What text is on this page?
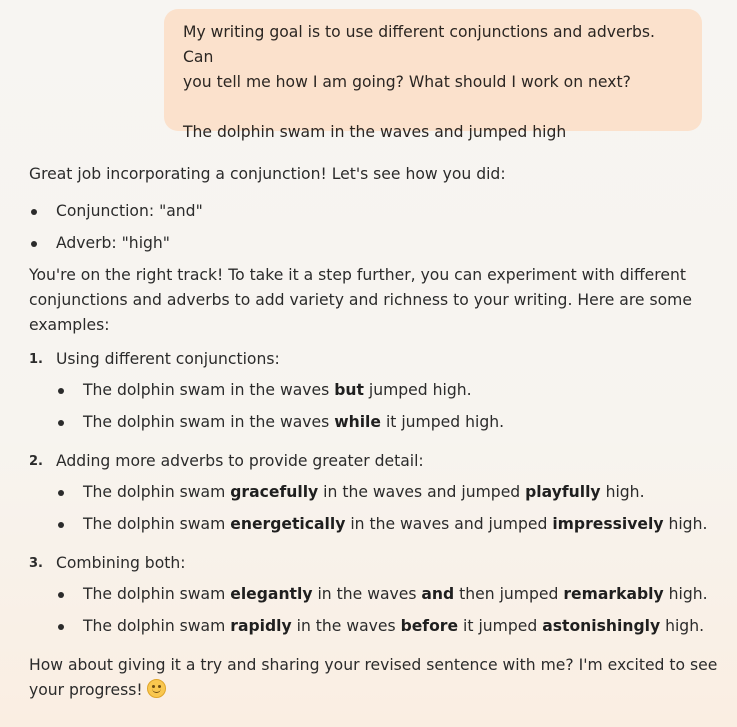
My writing goal is to use different conjunctions and adverbs. Can

you tell me how I am going? What should I work on next?

The dolphin swam in the waves and jumped high

Great job incorporating a conjunction! Let's see how you did:

Conjunction: "and"
Adverb: "high"

You're on the right track! To take it a step further, you can experiment with different conjunctions and adverbs to add variety and richness to your writing. Here are some examples:

1. Using different conjunctions:
The dolphin swam in the waves but jumped high.
The dolphin swam in the waves while it jumped high.
2. Adding more adverbs to provide greater detail:
The dolphin swam gracefully in the waves and jumped playfully high.
The dolphin swam energetically in the waves and jumped impressively high.
3. Combining both:
The dolphin swam elegantly in the waves and then jumped remarkably high.
The dolphin swam rapidly in the waves before it jumped astonishingly high.

How about giving it a try and sharing your revised sentence with me? I'm excited to see your progress!
